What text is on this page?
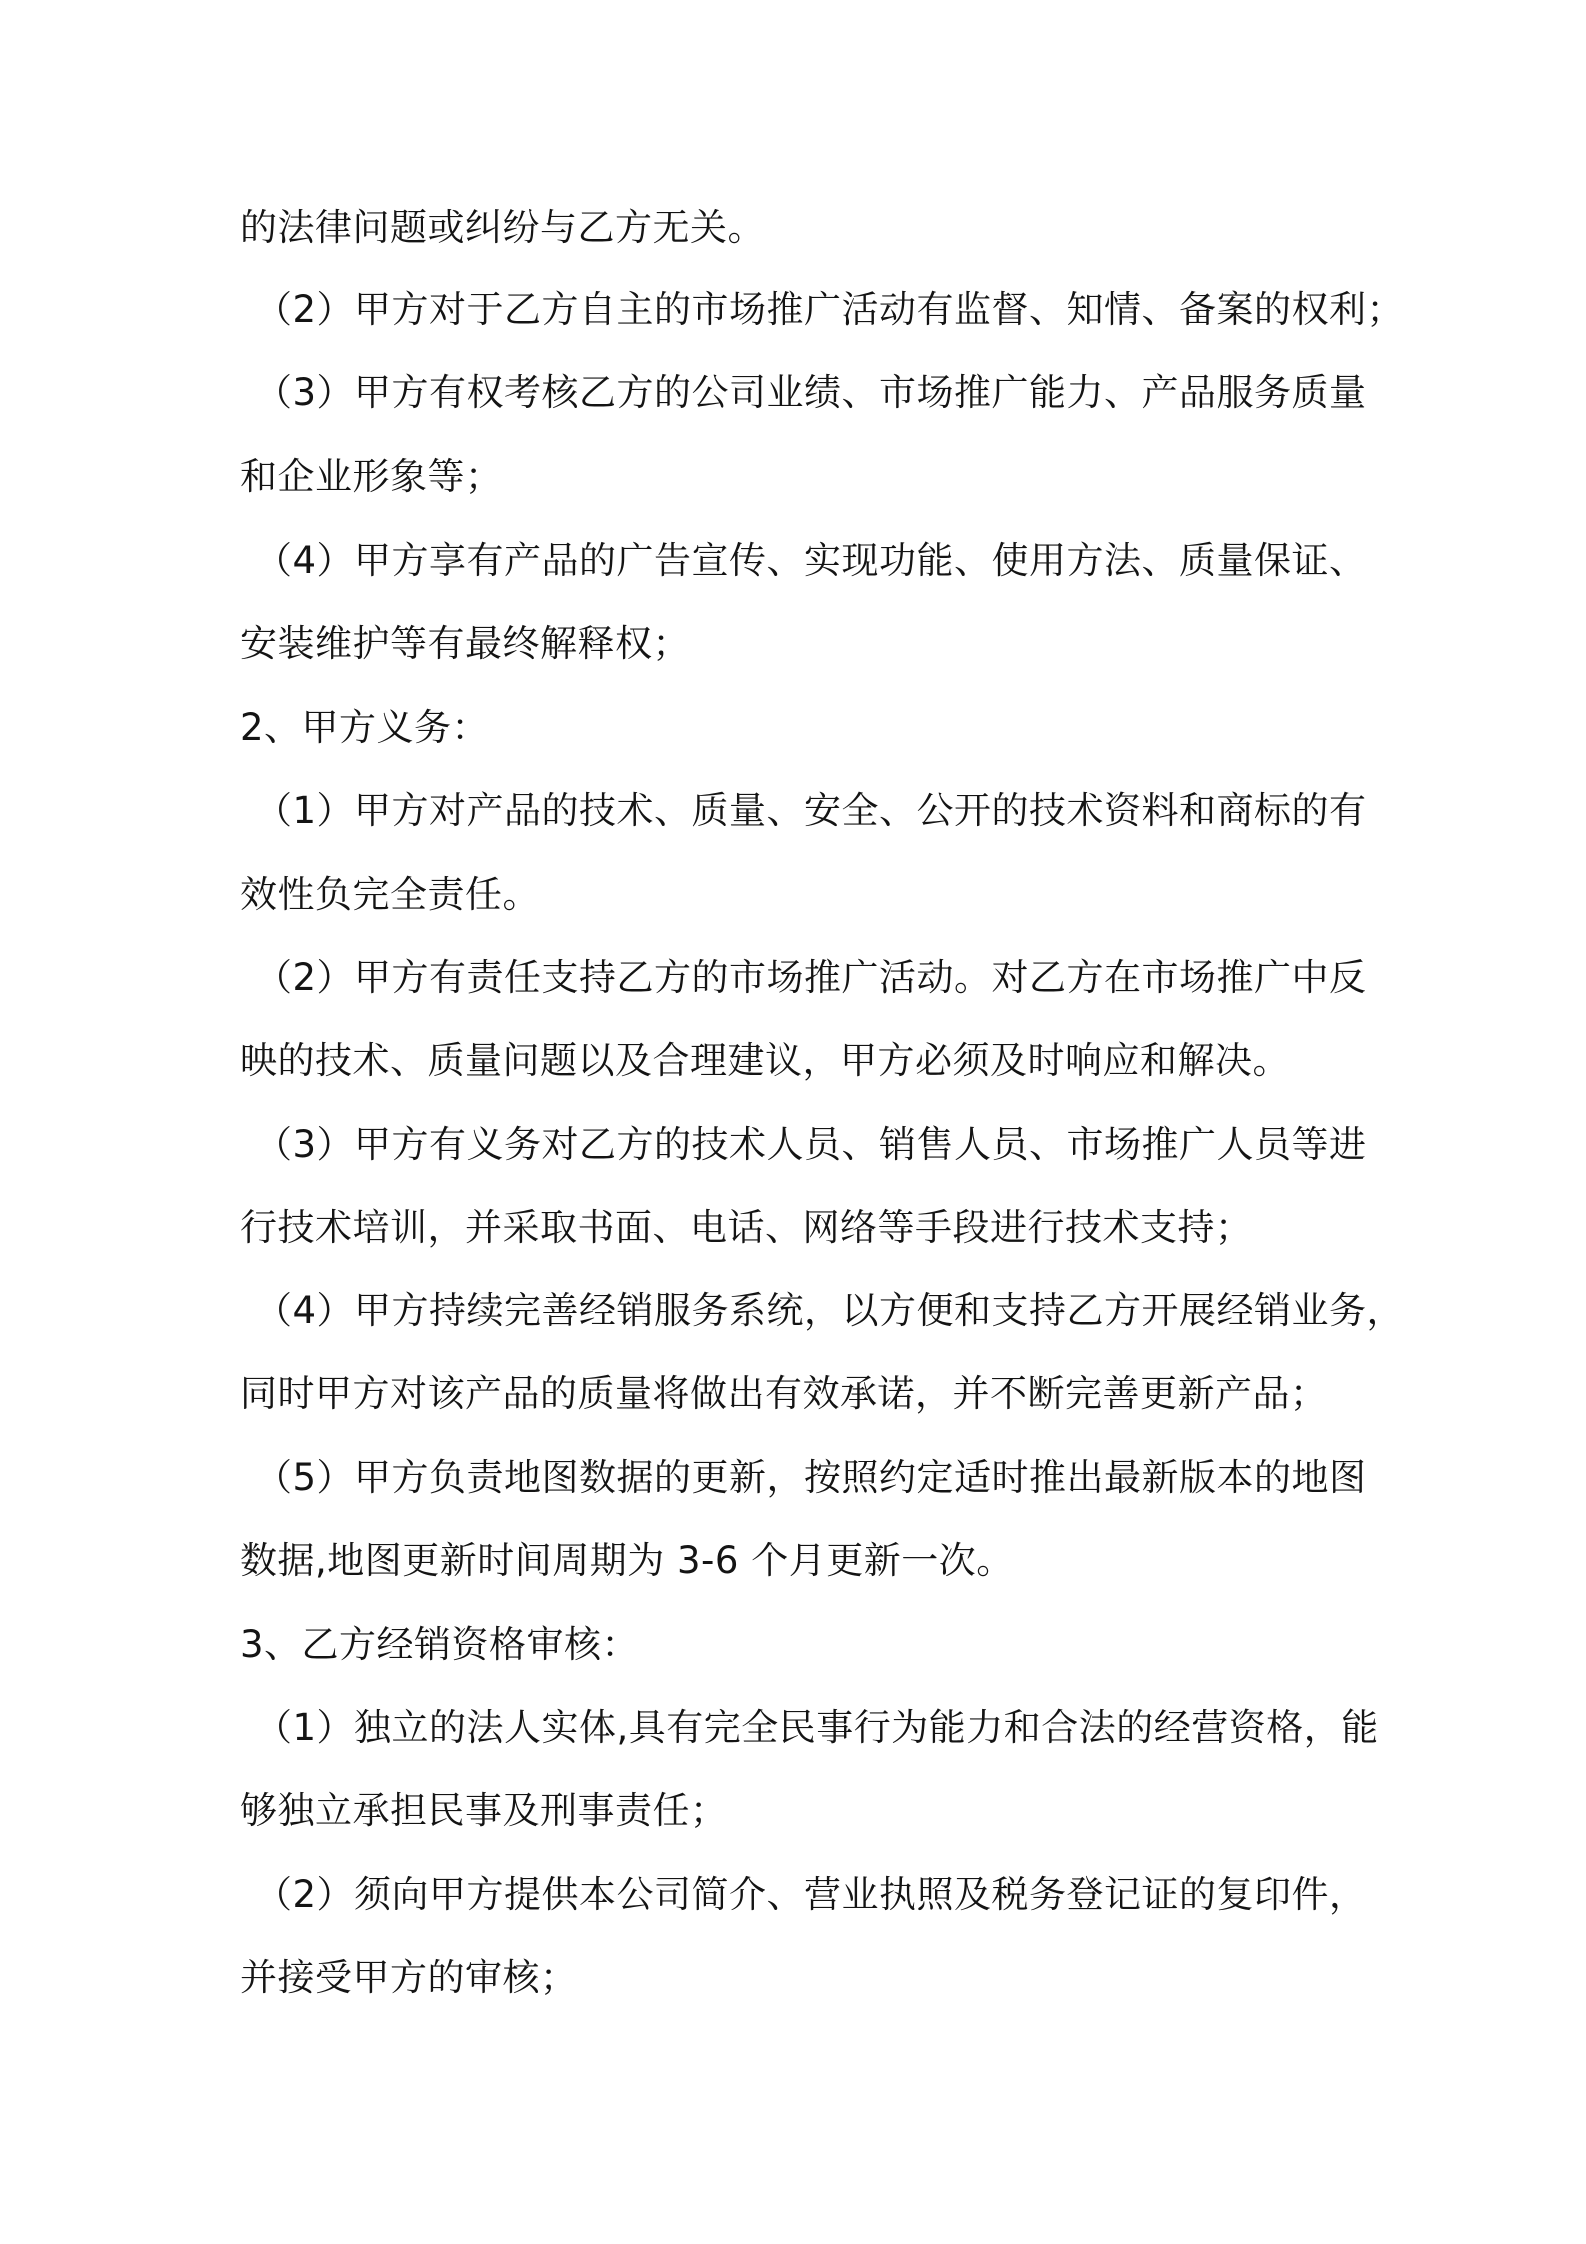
的法律问题或纠纷与乙方无关。
（2）甲方对于乙方自主的市场推广活动有监督、知情、备案的权利；
（3）甲方有权考核乙方的公司业绩、市场推广能力、产品服务质量
和企业形象等；
（4）甲方享有产品的广告宣传、实现功能、使用方法、质量保证、
安装维护等有最终解释权；
2、甲方义务：
（1）甲方对产品的技术、质量、安全、公开的技术资料和商标的有
效性负完全责任。
（2）甲方有责任支持乙方的市场推广活动。对乙方在市场推广中反
映的技术、质量问题以及合理建议，甲方必须及时响应和解决。
（3）甲方有义务对乙方的技术人员、销售人员、市场推广人员等进
行技术培训，并采取书面、电话、网络等手段进行技术支持；
（4）甲方持续完善经销服务系统，以方便和支持乙方开展经销业务，
同时甲方对该产品的质量将做出有效承诺，并不断完善更新产品；
（5）甲方负责地图数据的更新，按照约定适时推出最新版本的地图
数据,地图更新时间周期为 3-6 个月更新一次。
3、乙方经销资格审核：
（1）独立的法人实体,具有完全民事行为能力和合法的经营资格，能
够独立承担民事及刑事责任；
（2）须向甲方提供本公司简介、营业执照及税务登记证的复印件，
并接受甲方的审核；
